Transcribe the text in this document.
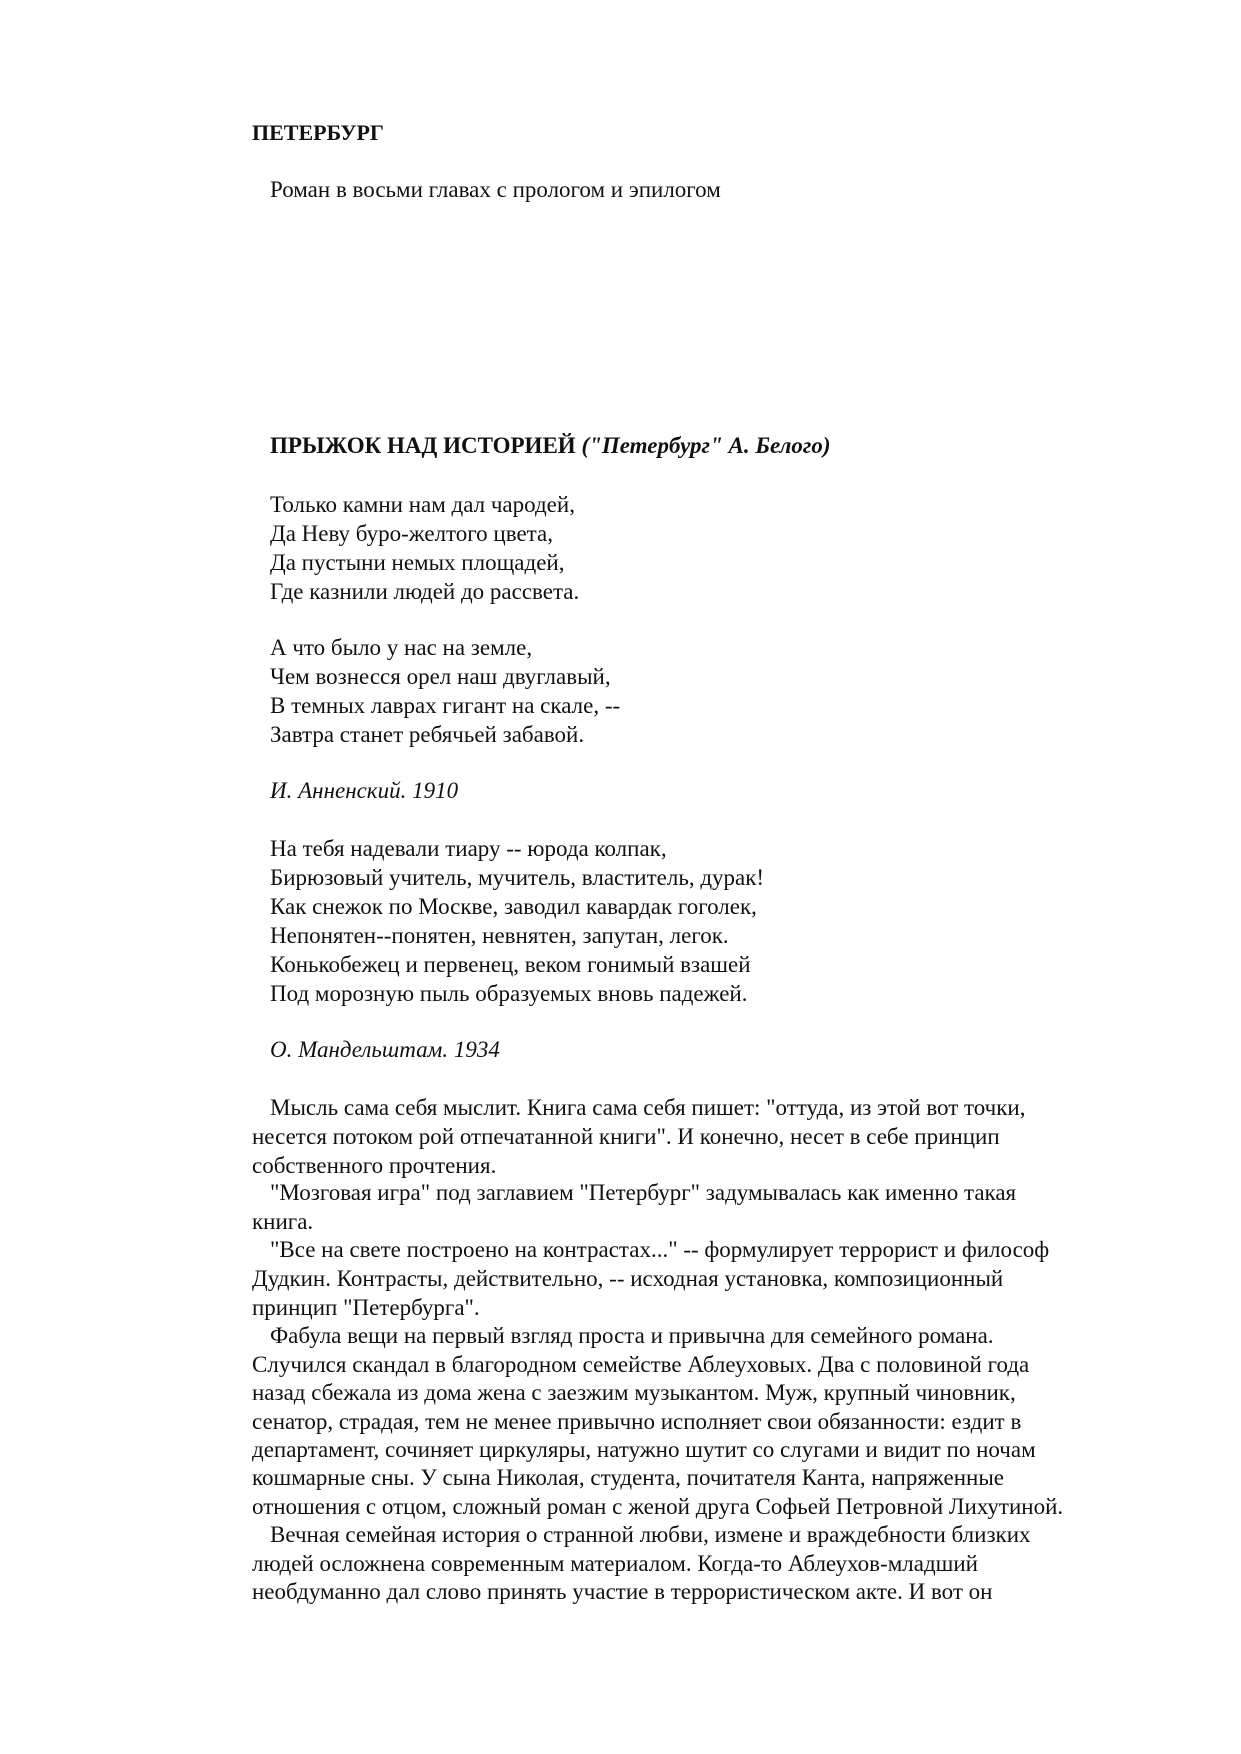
ПЕТЕРБУРГ
Роман в восьми главах с прологом и эпилогом
ПРЫЖОК НАД ИСТОРИЕЙ ("Петербург" А. Белого)
Только камни нам дал чародей,
Да Неву буро-желтого цвета,
Да пустыни немых площадей,
Где казнили людей до рассвета.
А что было у нас на земле,
Чем вознесся орел наш двуглавый,
В темных лаврах гигант на скале, --
Завтра станет ребячьей забавой.
И. Анненский. 1910
На тебя надевали тиару -- юрода колпак,
Бирюзовый учитель, мучитель, властитель, дурак!
Как снежок по Москве, заводил кавардак гоголек,
Непонятен--понятен, невнятен, запутан, легок.
Конькобежец и первенец, веком гонимый взашей
Под морозную пыль образуемых вновь падежей.
О. Мандельштам. 1934
Мысль сама себя мыслит. Книга сама себя пишет: "оттуда, из этой вот точки,
несется потоком рой отпечатанной книги". И конечно, несет в себе принцип
собственного прочтения.
"Мозговая игра" под заглавием "Петербург" задумывалась как именно такая
книга.
"Все на свете построено на контрастах..." -- формулирует террорист и философ
Дудкин. Контрасты, действительно, -- исходная установка, композиционный
принцип "Петербурга".
Фабула вещи на первый взгляд проста и привычна для семейного романа.
Случился скандал в благородном семействе Аблеуховых. Два с половиной года
назад сбежала из дома жена с заезжим музыкантом. Муж, крупный чиновник,
сенатор, страдая, тем не менее привычно исполняет свои обязанности: ездит в
департамент, сочиняет циркуляры, натужно шутит со слугами и видит по ночам
кошмарные сны. У сына Николая, студента, почитателя Канта, напряженные
отношения с отцом, сложный роман с женой друга Софьей Петровной Лихутиной.
Вечная семейная история о странной любви, измене и враждебности близких
людей осложнена современным материалом. Когда-то Аблеухов-младший
необдуманно дал слово принять участие в террористическом акте. И вот он
